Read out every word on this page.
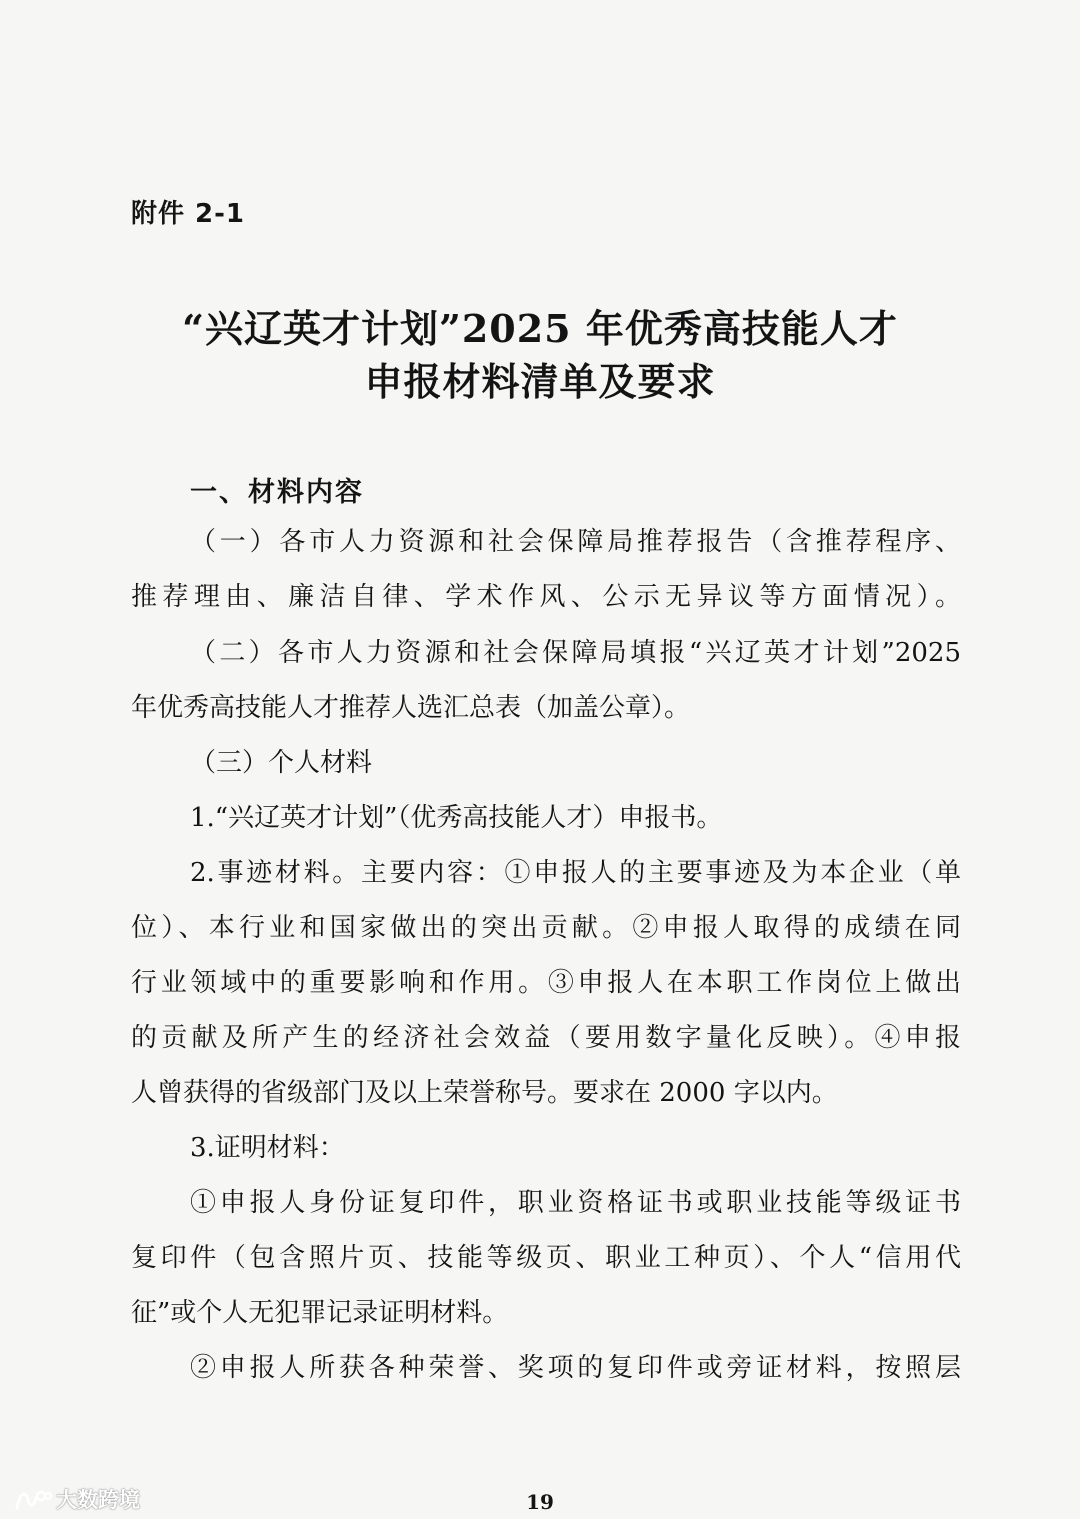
附件 2-1
“兴辽英才计划”2025 年优秀高技能人才
申报材料清单及要求
一、材料内容
（一）各市人力资源和社会保障局推荐报告（含推荐程序、
推荐理由、廉洁自律、学术作风、公示无异议等方面情况）。
（二）各市人力资源和社会保障局填报“兴辽英才计划”2025
年优秀高技能人才推荐人选汇总表（加盖公章）。
（三）个人材料
1.“兴辽英才计划”（优秀高技能人才）申报书。
2.事迹材料。主要内容：①申报人的主要事迹及为本企业（单
位）、本行业和国家做出的突出贡献。②申报人取得的成绩在同
行业领域中的重要影响和作用。③申报人在本职工作岗位上做出
的贡献及所产生的经济社会效益（要用数字量化反映）。④申报
人曾获得的省级部门及以上荣誉称号。要求在 2000 字以内。
3.证明材料：
①申报人身份证复印件，职业资格证书或职业技能等级证书
复印件（包含照片页、技能等级页、职业工种页）、个人“信用代
征”或个人无犯罪记录证明材料。
②申报人所获各种荣誉、奖项的复印件或旁证材料，按照层
19
大数跨境
